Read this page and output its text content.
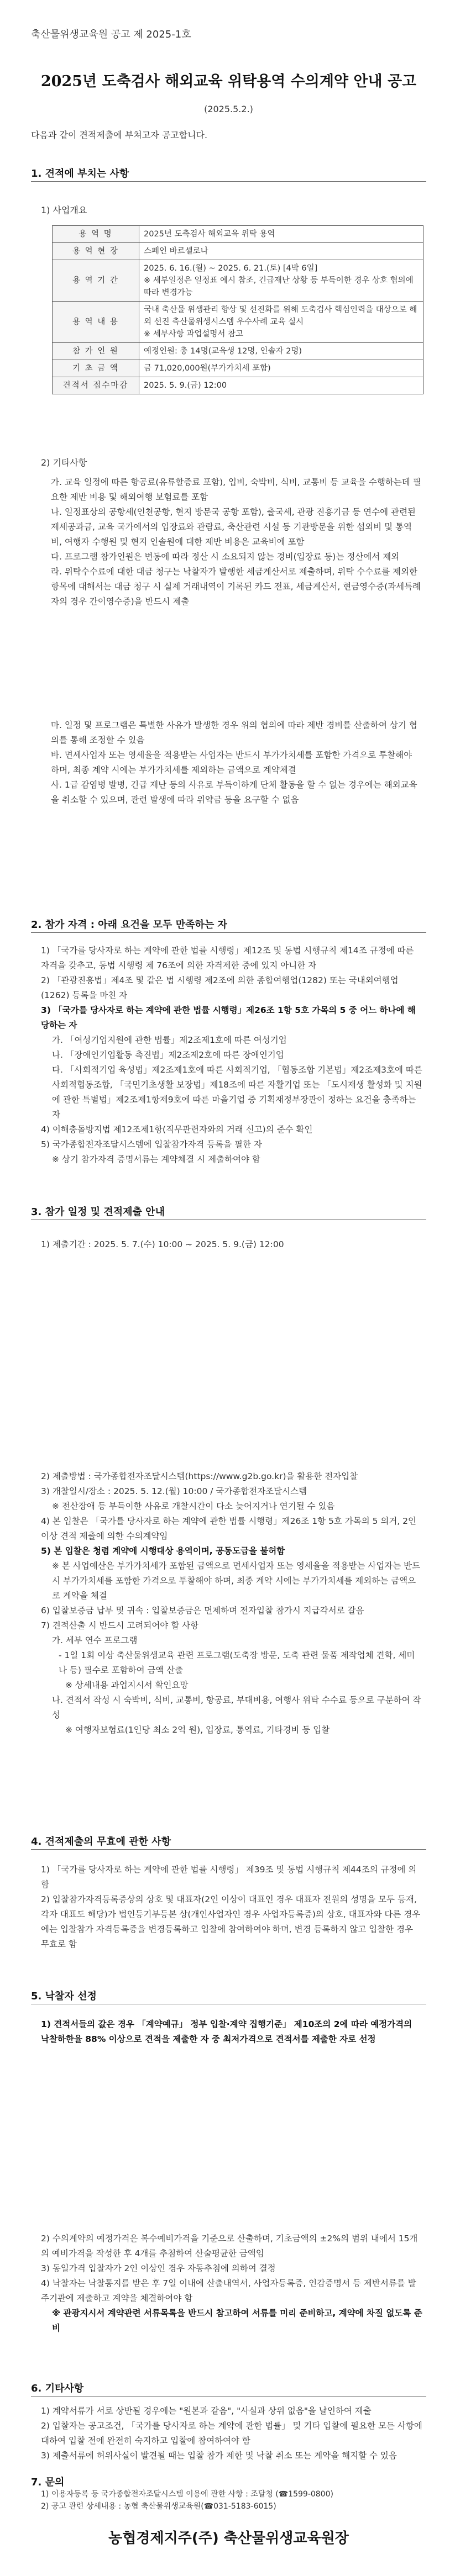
축산물위생교육원 공고 제 2025-1호
2025년 도축검사 해외교육 위탁용역 수의계약 안내 공고
(2025.5.2.)
다음과 같이 견적제출에 부쳐고자 공고합니다.
1. 견적에 부치는 사항
1) 사업개요
용 역 명	2025년 도축검사 해외교육 위탁 용역
용 역 현 장	스페인 바르셀로나
용 역 기 간	2025. 6. 16.(월) ~ 2025. 6. 21.(토) [4박 6일]
※ 세부일정은 일정표 예시 참조, 긴급재난 상황 등 부득이한 경우 상호 협의에 따라 변경가능
용 역 내 용	국내 축산물 위생관리 향상 및 선진화를 위해 도축검사 핵심인력을 대상으로 해외 선진 축산물위생시스템 우수사례 교육 실시
※ 세부사항 과업설명서 참고
참 가 인 원	예정인원: 총 14명(교육생 12명, 인솔자 2명)
기 초 금 액	금 71,020,000원(부가가치세 포함)
견적서 접수마감	2025. 5. 9.(금) 12:00
2) 기타사항

가. 교육 일정에 따른 항공료(유류할증료 포함), 입비, 숙박비, 식비, 교통비 등 교육을 수행하는데 필요한 제반 비용 및 해외여행 보험료를 포함

나. 일정표상의 공항세(인천공항, 현지 방문국 공항 포함), 출국세, 관광 진흥기금 등 연수에 관련된 제세공과금, 교육 국가에서의 입장료와 관람료, 축산관련 시설 등 기관방문을 위한 섭외비 및 통역비, 여행자 수행원 및 현지 인솔원에 대한 제반 비용은 교육비에 포함

다. 프로그램 참가인원은 변동에 따라 정산 시 소요되지 않는 경비(입장료 등)는 정산에서 제외

라. 위탁수수료에 대한 대금 청구는 낙찰자가 발행한 세금계산서로 제출하며, 위탁 수수료를 제외한 항목에 대해서는 대금 청구 시 실제 거래내역이 기록된 카드 전표, 세금계산서, 현금영수증(과세특례자의 경우 간이영수증)을 반드시 제출

마. 일정 및 프로그램은 특별한 사유가 발생한 경우 위의 협의에 따라 제반 경비를 산출하여 상기 협의를 통해 조정할 수 있음

바. 면세사업자 또는 영세율을 적용받는 사업자는 반드시 부가가치세를 포함한 가격으로 투찰해야 하며, 최종 계약 시에는 부가가치세를 제외하는 금액으로 계약체결

사. 1급 감염병 발병, 긴급 재난 등의 사유로 부득이하게 단체 활동을 할 수 없는 경우에는 해외교육을 취소할 수 있으며, 관련 발생에 따라 위약금 등을 요구할 수 없음

2. 참가 자격 : 아래 요건을 모두 만족하는 자

1) 「국가를 당사자로 하는 계약에 관한 법률 시행령」제12조 및 동법 시행규칙 제14조 규정에 따른 자격을 갖추고, 동법 시행령 제 76조에 의한 자격제한 중에 있지 아니한 자

2) 「관광진흥법」제4조 및 같은 법 시행령 제2조에 의한 종합여행업(1282) 또는 국내외여행업(1262) 등록을 마친 자

3) 「국가를 당사자로 하는 계약에 관한 법률 시행령」제26조 1항 5호 가목의 5 중 어느 하나에 해당하는 자

가. 「여성기업지원에 관한 법률」제2조제1호에 따른 여성기업

나. 「장애인기업활동 촉진법」제2조제2호에 따른 장애인기업

다. 「사회적기업 육성법」제2조제1호에 따른 사회적기업, 「협동조합 기본법」제2조제3호에 따른 사회적협동조합, 「국민기초생활 보장법」제18조에 따른 자활기업 또는 「도시재생 활성화 및 지원에 관한 특별법」제2조제1항제9호에 따른 마을기업 중 기획재정부장관이 정하는 요건을 충족하는 자

4) 이해충돌방지법 제12조제1항(직무관련자와의 거래 신고)의 준수 확인

5) 국가종합전자조달시스템에 입찰참가자격 등록을 필한 자

※ 상기 참가자격 증명서류는 계약체결 시 제출하여야 함

3. 참가 일정 및 견적제출 안내

1) 제출기간 : 2025. 5. 7.(수) 10:00 ~ 2025. 5. 9.(금) 12:00

2) 제출방법 : 국가종합전자조달시스템(https://www.g2b.go.kr)을 활용한 전자입찰

3) 개찰일시/장소 : 2025. 5. 12.(월) 10:00 / 국가종합전자조달시스템

※ 전산장애 등 부득이한 사유로 개찰시간이 다소 늦어지거나 연기될 수 있음

4) 본 입찰은 「국가를 당사자로 하는 계약에 관한 법률 시행령」제26조 1항 5호 가목의 5 의거, 2인 이상 견적 제출에 의한 수의계약임

5) 본 입찰은 청렴 계약에 시행대상 용역이며, 공동도급을 불허함

※ 본 사업예산은 부가가치세가 포함된 금액으로 면세사업자 또는 영세율을 적용받는 사업자는 반드시 부가가치세를 포함한 가격으로 투찰해야 하며, 최종 계약 시에는 부가가치세를 제외하는 금액으로 계약을 체결

6) 입찰보증금 납부 및 귀속 : 입찰보증금은 면제하며 전자입찰 참가시 지급각서로 갈음

7) 견적산출 시 반드시 고려되어야 할 사항

가. 세부 연수 프로그램

- 1일 1회 이상 축산물위생교육 관련 프로그램(도축장 방문, 도축 관련 물품 제작업체 견학, 세미나 등) 필수로 포함하여 금액 산출

※ 상세내용 과업지시서 확인요망

나. 견적서 작성 시 숙박비, 식비, 교통비, 항공료, 부대비용, 여행사 위탁 수수료 등으로 구분하여 작성

※ 여행자보험료(1인당 최소 2억 원), 입장료, 통역료, 기타경비 등 입찰

4. 견적제출의 무효에 관한 사항

1) 「국가를 당사자로 하는 계약에 관한 법률 시행령」 제39조 및 동법 시행규칙 제44조의 규정에 의함

2) 입찰참가자격등록증상의 상호 및 대표자(2인 이상이 대표인 경우 대표자 전원의 성명을 모두 등재, 각자 대표도 해당)가 법인등기부등본 상(개인사업자인 경우 사업자등록증)의 상호, 대표자와 다른 경우에는 입찰참가 자격등록증을 변경등록하고 입찰에 참여하여야 하며, 변경 등록하지 않고 입찰한 경우 무효로 함

5. 낙찰자 선정

1) 견적서들의 값은 경우 「계약예규」 정부 입찰·계약 집행기준」 제10조의 2에 따라 예정가격의 낙찰하한율 88% 이상으로 견적을 제출한 자 중 최저가격으로 견적서를 제출한 자로 선정

2) 수의계약의 예정가격은 복수예비가격을 기준으로 산출하며, 기초금액의 ±2%의 범위 내에서 15개의 예비가격을 작성한 후 4개를 추첨하여 산술평균한 금액임

3) 동일가격 입찰자가 2인 이상인 경우 자동추첨에 의하여 결정

4) 낙찰자는 낙찰통지를 받은 후 7일 이내에 산출내역서, 사업자등록증, 인감증명서 등 제반서류를 발주기관에 제출하고 계약을 체결하여야 함

※ 관광지시서 계약관련 서류목록을 반드시 참고하여 서류를 미리 준비하고, 계약에 차질 없도록 준비

6. 기타사항

1) 계약서류가 서로 상반될 경우에는 "원본과 같음", "사실과 상위 없음"을 날인하여 제출

2) 입찰자는 공고조건, 「국가를 당사자로 하는 계약에 관한 법률」 및 기타 입찰에 필요한 모든 사항에 대하여 입찰 전에 완전히 숙지하고 입찰에 참여하여야 함

3) 제출서류에 허위사실이 발견될 때는 입찰 참가 제한 및 낙찰 취소 또는 계약을 해지할 수 있음

7. 문의

1) 이용자등록 등 국가종합전자조달시스템 이용에 관한 사항 : 조달청 (☎1599-0800)

2) 공고 관련 상세내용 : 농협 축산물위생교육원(☎031-5183-6015)

농협경제지주(주) 축산물위생교육원장
